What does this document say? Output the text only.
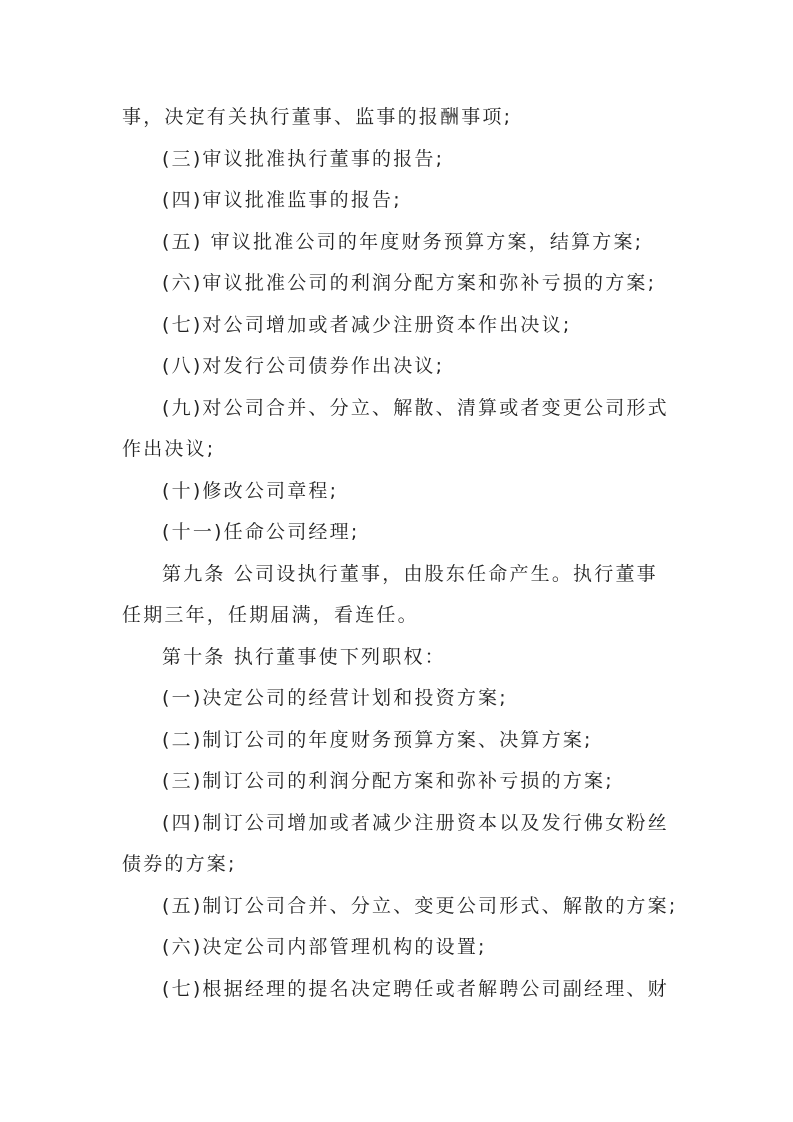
事，决定有关执行董事、监事的报酬事项;
(三)审议批准执行董事的报告;
(四)审议批准监事的报告;
(五) 审议批准公司的年度财务预算方案，结算方案;
(六)审议批准公司的利润分配方案和弥补亏损的方案;
(七)对公司增加或者减少注册资本作出决议;
(八)对发行公司债券作出决议;
(九)对公司合并、分立、解散、清算或者变更公司形式
作出决议;
(十)修改公司章程;
(十一)任命公司经理;
第九条 公司设执行董事，由股东任命产生。执行董事
任期三年，任期届满，看连任。
第十条 执行董事使下列职权：
(一)决定公司的经营计划和投资方案;
(二)制订公司的年度财务预算方案、决算方案;
(三)制订公司的利润分配方案和弥补亏损的方案;
(四)制订公司增加或者减少注册资本以及发行佛女粉丝
债券的方案;
(五)制订公司合并、分立、变更公司形式、解散的方案;
(六)决定公司内部管理机构的设置;
(七)根据经理的提名决定聘任或者解聘公司副经理、财
